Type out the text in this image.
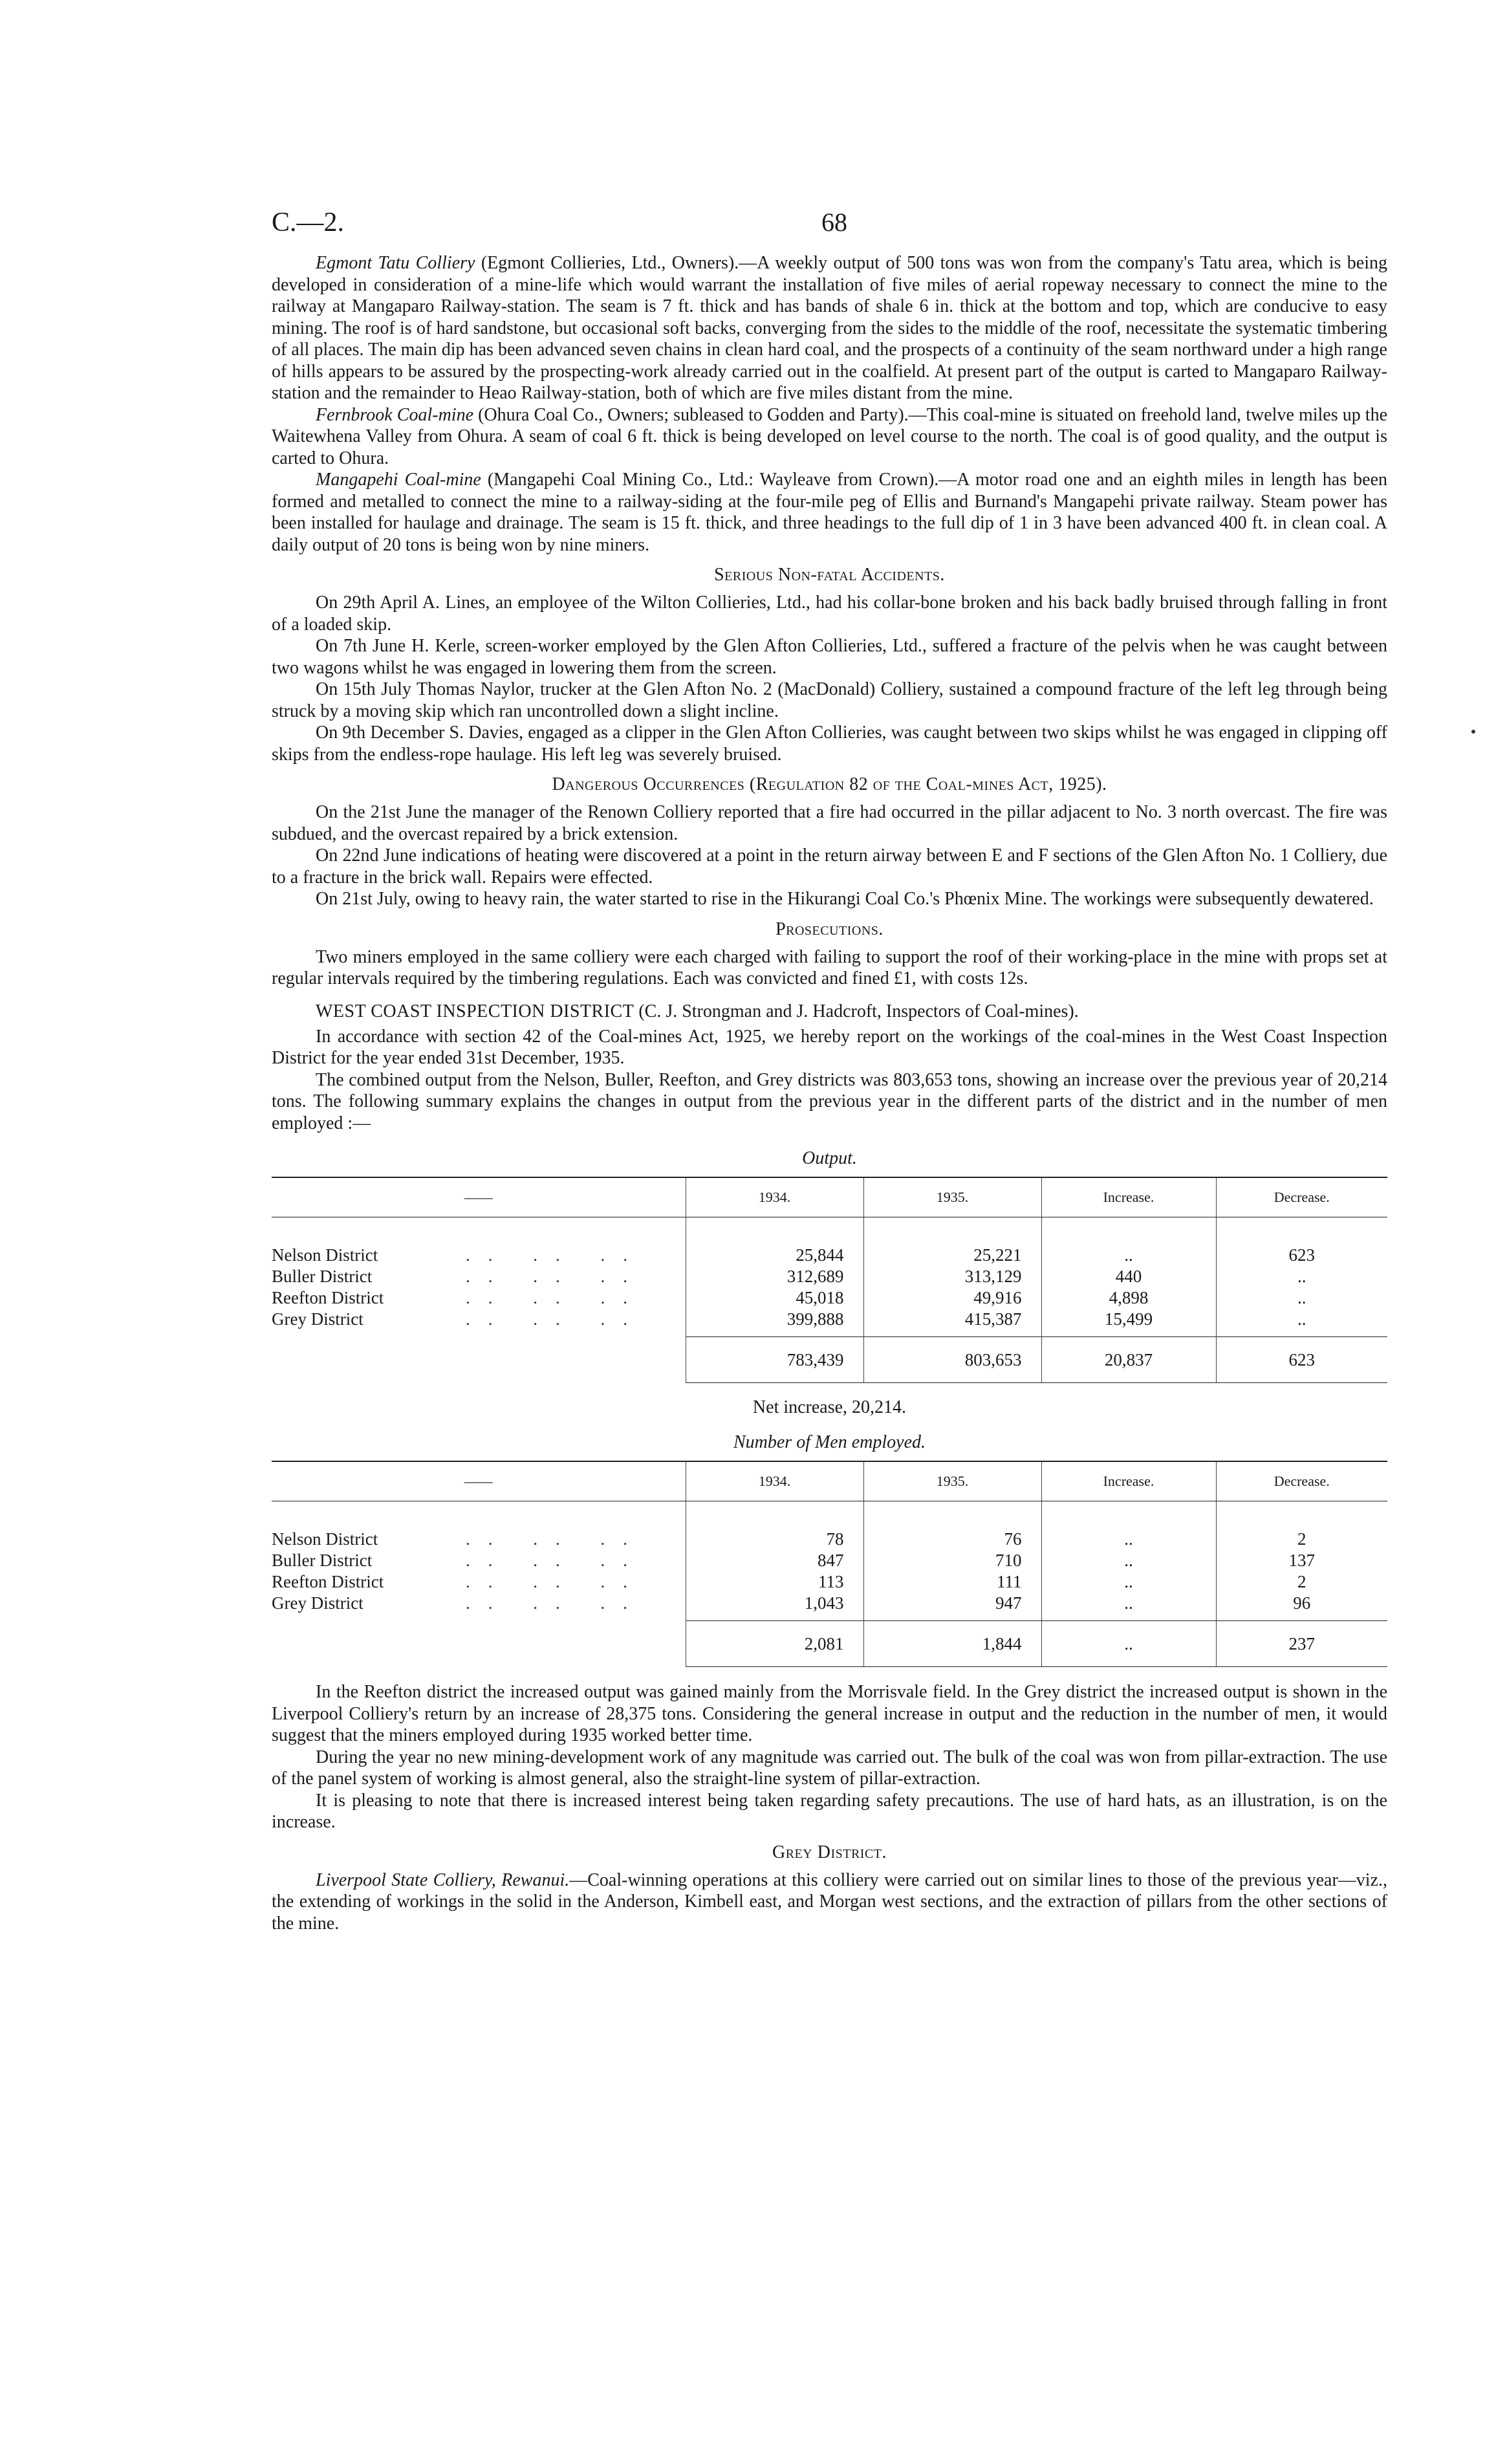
C.—2.	68

Egmont Tatu Colliery (Egmont Collieries, Ltd., Owners).—A weekly output of 500 tons was won from the company's Tatu area, which is being developed in consideration of a mine-life which would warrant the installation of five miles of aerial ropeway necessary to connect the mine to the railway at Mangaparo Railway-station. The seam is 7 ft. thick and has bands of shale 6 in. thick at the bottom and top, which are conducive to easy mining. The roof is of hard sandstone, but occasional soft backs, converging from the sides to the middle of the roof, necessitate the systematic timbering of all places. The main dip has been advanced seven chains in clean hard coal, and the prospects of a continuity of the seam northward under a high range of hills appears to be assured by the prospecting-work already carried out in the coalfield. At present part of the output is carted to Mangaparo Railway-station and the remainder to Heao Railway-station, both of which are five miles distant from the mine.

Fernbrook Coal-mine (Ohura Coal Co., Owners; subleased to Godden and Party).—This coal-mine is situated on freehold land, twelve miles up the Waitewhena Valley from Ohura. A seam of coal 6 ft. thick is being developed on level course to the north. The coal is of good quality, and the output is carted to Ohura.

Mangapehi Coal-mine (Mangapehi Coal Mining Co., Ltd.: Wayleave from Crown).—A motor road one and an eighth miles in length has been formed and metalled to connect the mine to a railway-siding at the four-mile peg of Ellis and Burnand's Mangapehi private railway. Steam power has been installed for haulage and drainage. The seam is 15 ft. thick, and three headings to the full dip of 1 in 3 have been advanced 400 ft. in clean coal. A daily output of 20 tons is being won by nine miners.

Serious Non-fatal Accidents.

On 29th April A. Lines, an employee of the Wilton Collieries, Ltd., had his collar-bone broken and his back badly bruised through falling in front of a loaded skip.

On 7th June H. Kerle, screen-worker employed by the Glen Afton Collieries, Ltd., suffered a fracture of the pelvis when he was caught between two wagons whilst he was engaged in lowering them from the screen.

On 15th July Thomas Naylor, trucker at the Glen Afton No. 2 (MacDonald) Colliery, sustained a compound fracture of the left leg through being struck by a moving skip which ran uncontrolled down a slight incline.

On 9th December S. Davies, engaged as a clipper in the Glen Afton Collieries, was caught between two skips whilst he was engaged in clipping off skips from the endless-rope haulage. His left leg was severely bruised.

Dangerous Occurrences (Regulation 82 of the Coal-mines Act, 1925).

On the 21st June the manager of the Renown Colliery reported that a fire had occurred in the pillar adjacent to No. 3 north overcast. The fire was subdued, and the overcast repaired by a brick extension.

On 22nd June indications of heating were discovered at a point in the return airway between E and F sections of the Glen Afton No. 1 Colliery, due to a fracture in the brick wall. Repairs were effected.

On 21st July, owing to heavy rain, the water started to rise in the Hikurangi Coal Co.'s Phœnix Mine. The workings were subsequently dewatered.

Prosecutions.

Two miners employed in the same colliery were each charged with failing to support the roof of their working-place in the mine with props set at regular intervals required by the timbering regulations. Each was convicted and fined £1, with costs 12s.

WEST COAST INSPECTION DISTRICT (C. J. Strongman and J. Hadcroft, Inspectors of Coal-mines).

In accordance with section 42 of the Coal-mines Act, 1925, we hereby report on the workings of the coal-mines in the West Coast Inspection District for the year ended 31st December, 1935.

The combined output from the Nelson, Buller, Reefton, and Grey districts was 803,653 tons, showing an increase over the previous year of 20,214 tons. The following summary explains the changes in output from the previous year in the different parts of the district and in the number of men employed :—

Output.
——	1934.	1935.	Increase.	Decrease.

Nelson District .. .. ..	25,844	25,221	..	623
Buller District .. .. ..	312,689	313,129	440	..
Reefton District .. .. ..	45,018	49,916	4,898	..
Grey District .. .. ..	399,888	415,387	15,499	..
	783,439	803,653	20,837	623
Net increase, 20,214.
Number of Men employed.
——	1934.	1935.	Increase.	Decrease.

Nelson District .. .. ..	78	76	..	2
Buller District .. .. ..	847	710	..	137
Reefton District .. .. ..	113	111	..	2
Grey District .. .. ..	1,043	947	..	96
	2,081	1,844	..	237

In the Reefton district the increased output was gained mainly from the Morrisvale field. In the Grey district the increased output is shown in the Liverpool Colliery's return by an increase of 28,375 tons. Considering the general increase in output and the reduction in the number of men, it would suggest that the miners employed during 1935 worked better time.

During the year no new mining-development work of any magnitude was carried out. The bulk of the coal was won from pillar-extraction. The use of the panel system of working is almost general, also the straight-line system of pillar-extraction.

It is pleasing to note that there is increased interest being taken regarding safety precautions. The use of hard hats, as an illustration, is on the increase.

Grey District.

Liverpool State Colliery, Rewanui.—Coal-winning operations at this colliery were carried out on similar lines to those of the previous year—viz., the extending of workings in the solid in the Anderson, Kimbell east, and Morgan west sections, and the extraction of pillars from the other sections of the mine.
